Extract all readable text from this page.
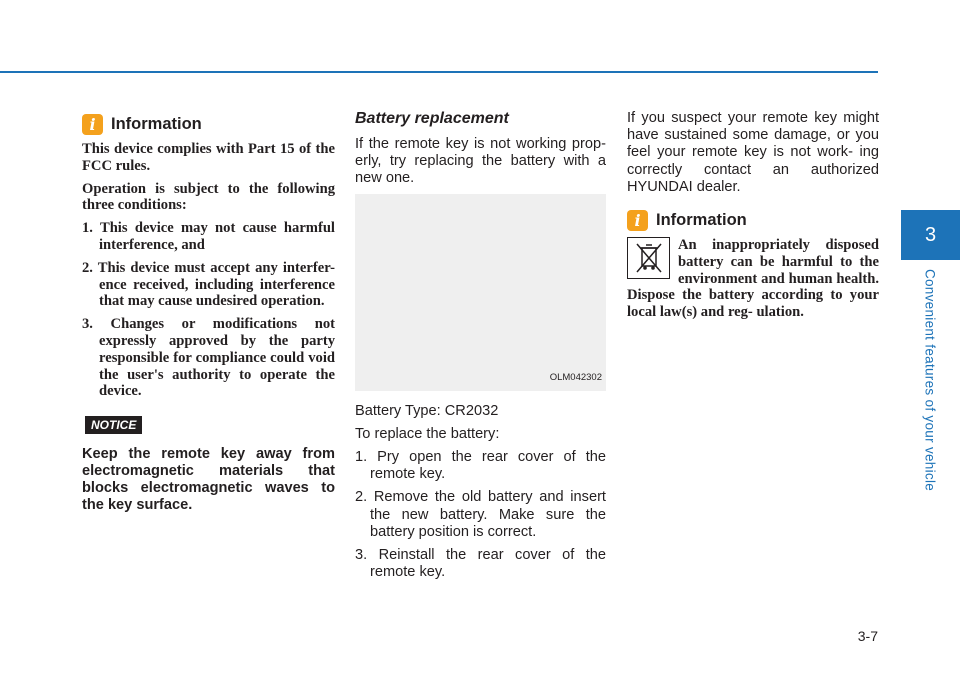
3
Convenient features of your vehicle
i Information

This device complies with Part 15 of the FCC rules.

Operation is subject to the following three conditions:

1. This device may not cause harmful interference, and
2. This device must accept any interfer- ence received, including interference that may cause undesired operation.
3. Changes or modifications not expressly approved by the party responsible for compliance could void the user's authority to operate the device.
NOTICE
Keep the remote key away from electromagnetic materials that blocks electromagnetic waves to the key surface.
Battery replacement

If the remote key is not working prop- erly, try replacing the battery with a new one.

OLM042302

Battery Type: CR2032

To replace the battery:

1. Pry open the rear cover of the remote key.
2. Remove the old battery and insert the new battery. Make sure the battery position is correct.
3. Reinstall the rear cover of the remote key.
If you suspect your remote key might have sustained some damage, or you feel your remote key is not work- ing correctly contact an authorized HYUNDAI dealer.
i Information
An inappropriately disposed battery can be harmful to the environment and human health. Dispose the battery according to your local law(s) and reg- ulation.
3-7
